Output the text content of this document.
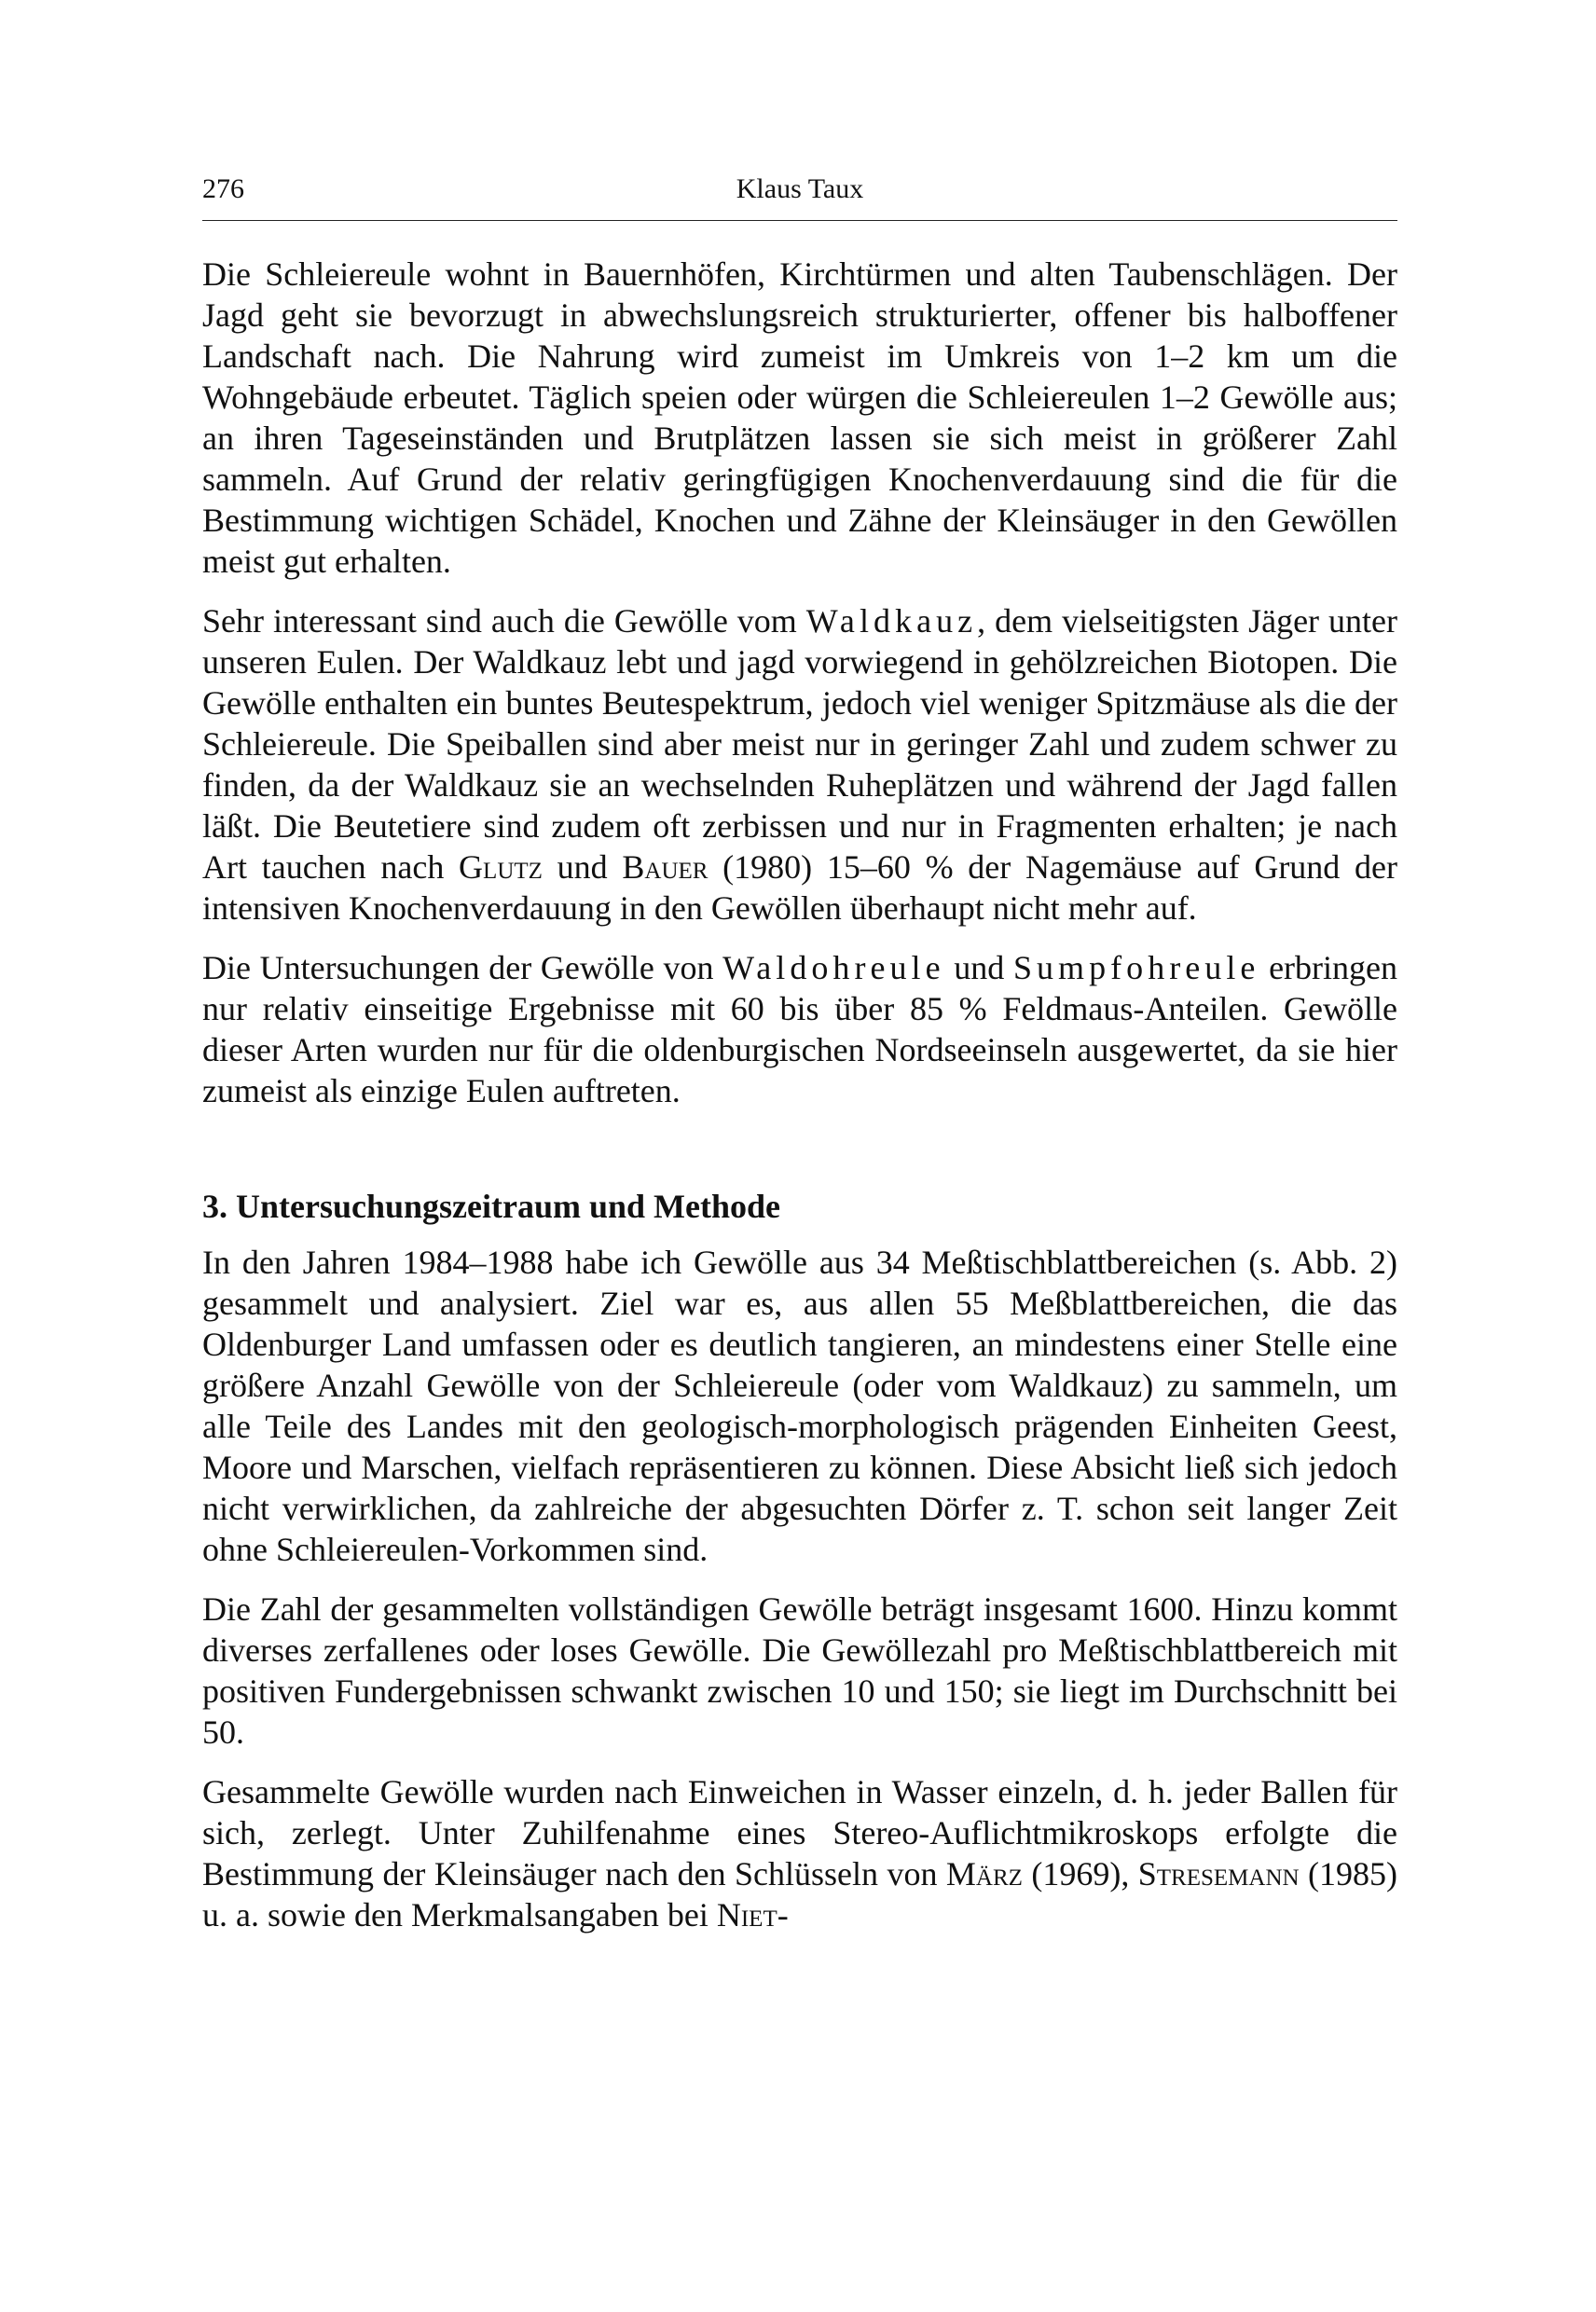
276	Klaus Taux

Die Schleiereule wohnt in Bauernhöfen, Kirchtürmen und alten Taubenschlägen. Der Jagd geht sie bevorzugt in abwechslungsreich strukturierter, offener bis halboffener Landschaft nach. Die Nahrung wird zumeist im Umkreis von 1–2 km um die Wohngebäude erbeutet. Täglich speien oder würgen die Schleiereulen 1–2 Gewölle aus; an ihren Tageseinständen und Brutplätzen lassen sie sich meist in größerer Zahl sammeln. Auf Grund der relativ geringfügigen Knochenverdauung sind die für die Bestimmung wichtigen Schädel, Knochen und Zähne der Kleinsäuger in den Gewöllen meist gut erhalten.

Sehr interessant sind auch die Gewölle vom Waldkauz, dem vielseitigsten Jäger unter unseren Eulen. Der Waldkauz lebt und jagd vorwiegend in gehölzreichen Biotopen. Die Gewölle enthalten ein buntes Beutespektrum, jedoch viel weniger Spitzmäuse als die der Schleiereule. Die Speiballen sind aber meist nur in geringer Zahl und zudem schwer zu finden, da der Waldkauz sie an wechselnden Ruheplätzen und während der Jagd fallen läßt. Die Beutetiere sind zudem oft zerbissen und nur in Fragmenten erhalten; je nach Art tauchen nach Glutz und Bauer (1980) 15–60 % der Nagemäuse auf Grund der intensiven Knochenverdauung in den Gewöllen überhaupt nicht mehr auf.

Die Untersuchungen der Gewölle von Waldohreule und Sumpfohreule erbringen nur relativ einseitige Ergebnisse mit 60 bis über 85 % Feldmaus-Anteilen. Gewölle dieser Arten wurden nur für die oldenburgischen Nordseeinseln ausgewertet, da sie hier zumeist als einzige Eulen auftreten.

3. Untersuchungszeitraum und Methode

In den Jahren 1984–1988 habe ich Gewölle aus 34 Meßtischblattbereichen (s. Abb. 2) gesammelt und analysiert. Ziel war es, aus allen 55 Meßblattbereichen, die das Oldenburger Land umfassen oder es deutlich tangieren, an mindestens einer Stelle eine größere Anzahl Gewölle von der Schleiereule (oder vom Waldkauz) zu sammeln, um alle Teile des Landes mit den geologisch-morphologisch prägenden Einheiten Geest, Moore und Marschen, vielfach repräsentieren zu können. Diese Absicht ließ sich jedoch nicht verwirklichen, da zahlreiche der abgesuchten Dörfer z. T. schon seit langer Zeit ohne Schleiereulen-Vorkommen sind.

Die Zahl der gesammelten vollständigen Gewölle beträgt insgesamt 1600. Hinzu kommt diverses zerfallenes oder loses Gewölle. Die Gewöllezahl pro Meßtischblattbereich mit positiven Fundergebnissen schwankt zwischen 10 und 150; sie liegt im Durchschnitt bei 50.

Gesammelte Gewölle wurden nach Einweichen in Wasser einzeln, d. h. jeder Ballen für sich, zerlegt. Unter Zuhilfenahme eines Stereo-Auflichtmikroskops erfolgte die Bestimmung der Kleinsäuger nach den Schlüsseln von März (1969), Stresemann (1985) u. a. sowie den Merkmalsangaben bei Niet-
